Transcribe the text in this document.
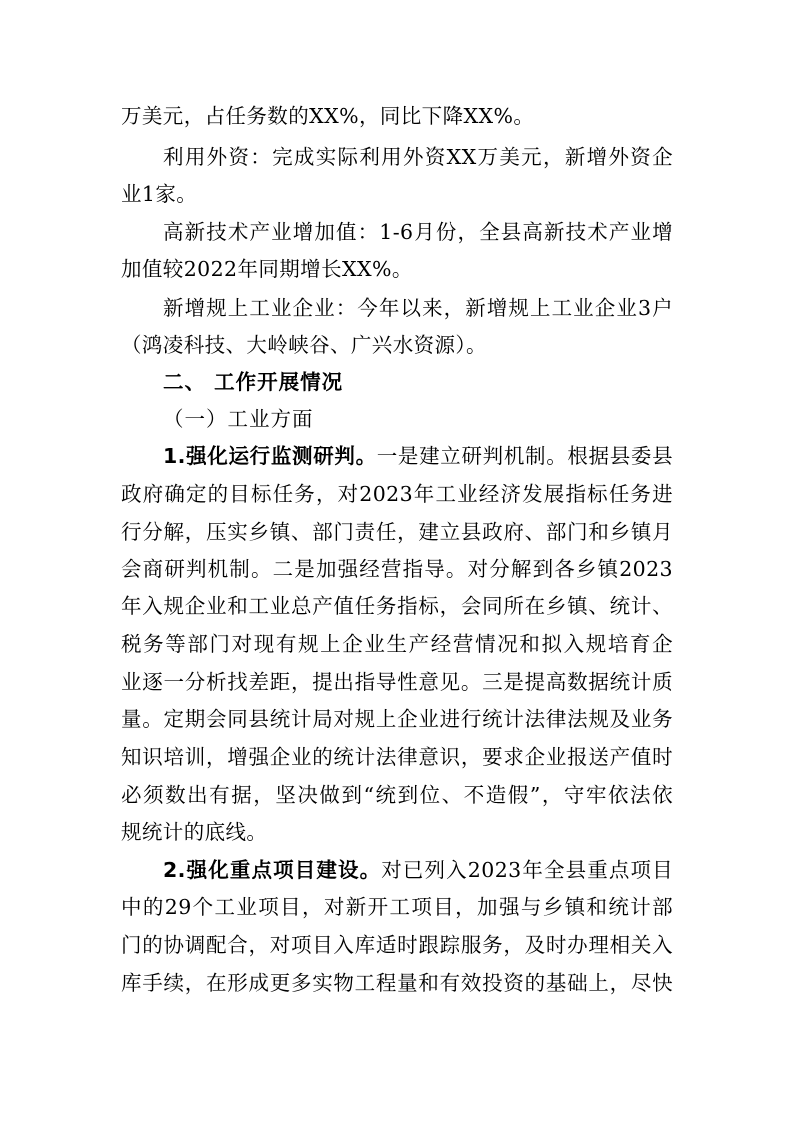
万美元，占任务数的XX%，同比下降XX%。
利用外资：完成实际利用外资XX万美元，新增外资企
业1家。
高新技术产业增加值：1-6月份，全县高新技术产业增
加值较2022年同期增长XX%。
新增规上工业企业：今年以来，新增规上工业企业3户
（鸿凌科技、大岭峡谷、广兴水资源）。
二、 工作开展情况
（一）工业方面
1.强化运行监测研判。一是建立研判机制。根据县委县
政府确定的目标任务，对2023年工业经济发展指标任务进
行分解，压实乡镇、部门责任，建立县政府、部门和乡镇月
会商研判机制。二是加强经营指导。对分解到各乡镇2023
年入规企业和工业总产值任务指标，会同所在乡镇、统计、
税务等部门对现有规上企业生产经营情况和拟入规培育企
业逐一分析找差距，提出指导性意见。三是提高数据统计质
量。定期会同县统计局对规上企业进行统计法律法规及业务
知识培训，增强企业的统计法律意识，要求企业报送产值时
必须数出有据，坚决做到“统到位、不造假”，守牢依法依
规统计的底线。
2.强化重点项目建设。对已列入2023年全县重点项目
中的29个工业项目，对新开工项目，加强与乡镇和统计部
门的协调配合，对项目入库适时跟踪服务，及时办理相关入
库手续，在形成更多实物工程量和有效投资的基础上，尽快
